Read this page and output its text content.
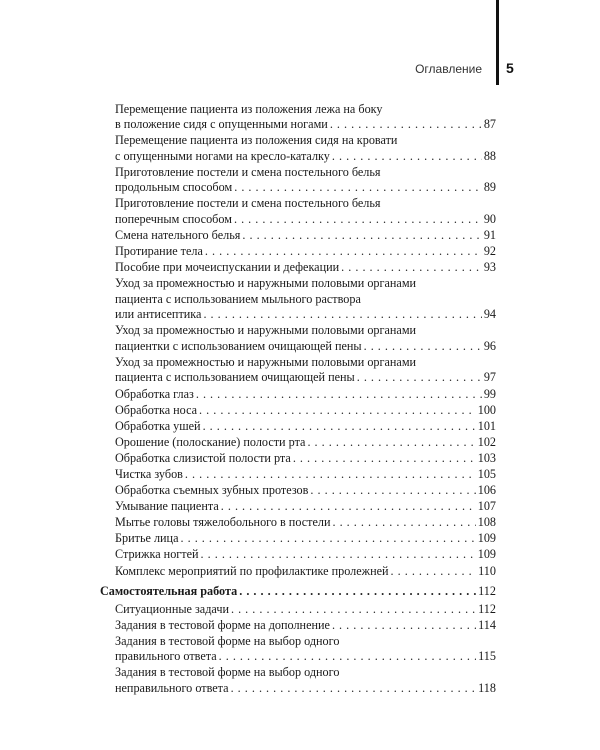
Оглавление 5
Перемещение пациента из положения лежа на боку
в положение сидя с опущенными ногами . . .	87
Перемещение пациента из положения сидя на кровати
с опущенными ногами на кресло-каталку . . .	88
Приготовление постели и смена постельного белья
продольным способом . . .	89
Приготовление постели и смена постельного белья
поперечным способом . . .	90
Смена нательного белья . . .	91
Протирание тела . . .	92
Пособие при мочеиспускании и дефекации . . .	93
Уход за промежностью и наружными половыми органами
пациента с использованием мыльного раствора
или антисептика . . .	94
Уход за промежностью и наружными половыми органами
пациентки с использованием очищающей пены . . .	96
Уход за промежностью и наружными половыми органами
пациента с использованием очищающей пены . . .	97
Обработка глаз . . .	99
Обработка носа . . .	100
Обработка ушей . . .	101
Орошение (полоскание) полости рта . . .	102
Обработка слизистой полости рта . . .	103
Чистка зубов . . .	105
Обработка съемных зубных протезов . . .	106
Умывание пациента . . .	107
Мытье головы тяжелобольного в постели . . .	108
Бритье лица . . .	109
Стрижка ногтей . . .	109
Комплекс мероприятий по профилактике пролежней . . .	110
Самостоятельная работа . . .	112
Ситуационные задачи . . .	112
Задания в тестовой форме на дополнение . . .	114
Задания в тестовой форме на выбор одного
правильного ответа . . .	115
Задания в тестовой форме на выбор одного
неправильного ответа . . .	118
